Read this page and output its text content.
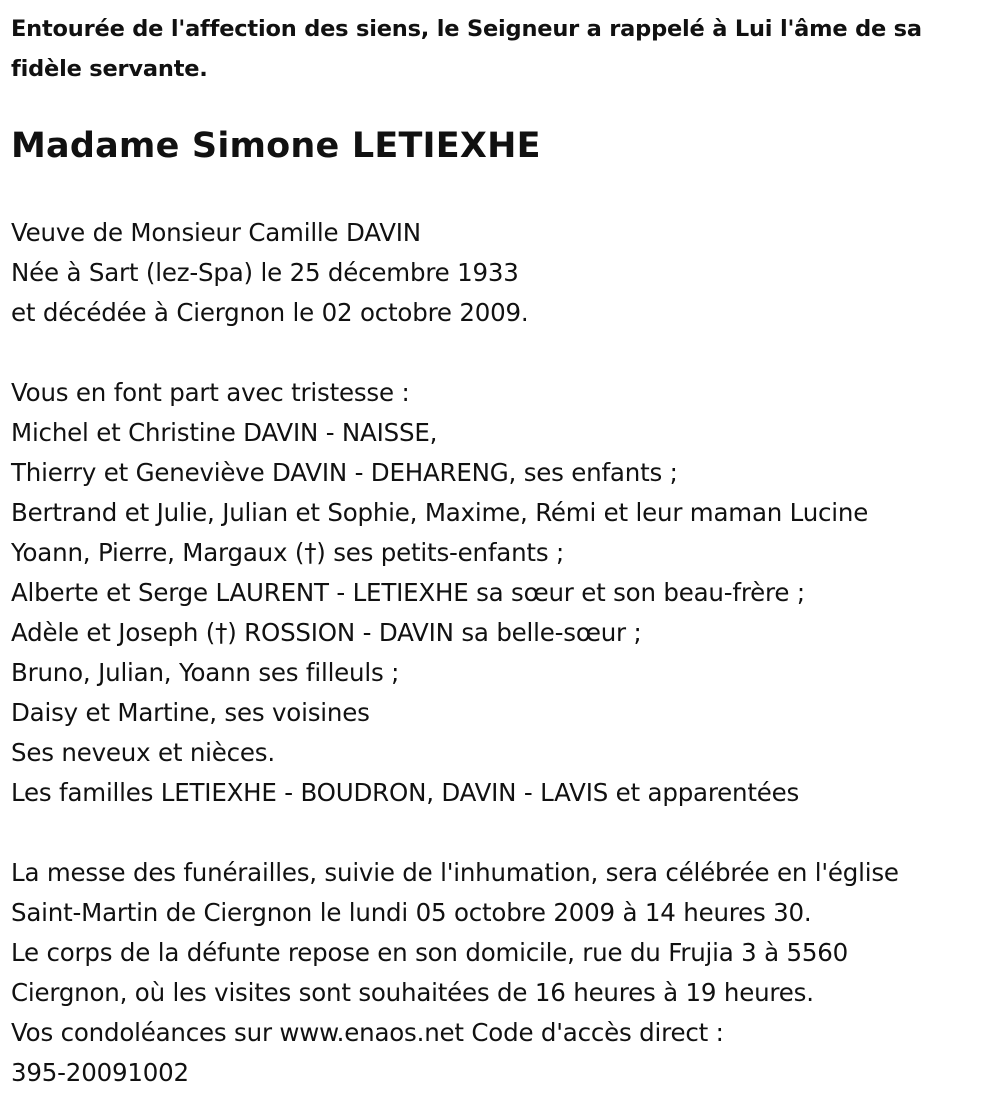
Entourée de l'affection des siens, le Seigneur a rappelé à Lui l'âme de sa fidèle servante.
Madame Simone LETIEXHE
Veuve de Monsieur Camille DAVIN
Née à Sart (lez-Spa) le 25 décembre 1933
et décédée à Ciergnon le 02 octobre 2009.
Vous en font part avec tristesse :
Michel et Christine DAVIN - NAISSE,
Thierry et Geneviève DAVIN - DEHARENG, ses enfants ;
Bertrand et Julie, Julian et Sophie, Maxime, Rémi et leur maman Lucine
Yoann, Pierre, Margaux (†) ses petits-enfants ;
Alberte et Serge LAURENT - LETIEXHE sa sœur et son beau-frère ;
Adèle et Joseph (†) ROSSION - DAVIN sa belle-sœur ;
Bruno, Julian, Yoann ses filleuls ;
Daisy et Martine, ses voisines
Ses neveux et nièces.
Les familles LETIEXHE - BOUDRON, DAVIN - LAVIS et apparentées
La messe des funérailles, suivie de l'inhumation, sera célébrée en l'église
Saint-Martin de Ciergnon le lundi 05 octobre 2009 à 14 heures 30.
Le corps de la défunte repose en son domicile, rue du Frujia 3 à 5560
Ciergnon, où les visites sont souhaitées de 16 heures à 19 heures.
Vos condoléances sur www.enaos.net Code d'accès direct :
395-20091002
